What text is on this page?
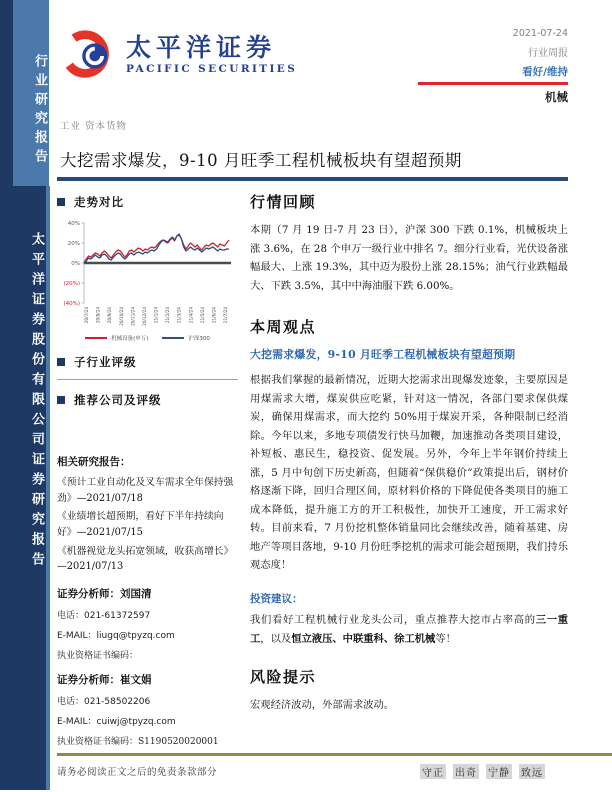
行业研究报告
太平洋证券股份有限公司证券研究报告
太平洋证券
PACIFIC SECURITIES
2021-07-24
行业周报
看好/维持
机械
工业 资本货物
大挖需求爆发，9-10 月旺季工程机械板块有望超预期
走势对比
40%
20%
0%
(20%)
(40%)
20/7/24 20/8/24 20/9/24 20/10/24 20/11/24 20/12/24 21/1/24 21/2/24 21/3/24 21/4/24 21/5/24 21/6/24 21/7/24
机械设备(申万)	沪深300
子行业评级
推荐公司及评级
相关研究报告：
《预计工业自动化及叉车需求全年保持强劲》—2021/07/18
《业绩增长超预期，看好下半年持续向好》—2021/07/15
《机器视觉龙头拓宽领域，收获高增长》—2021/07/13
证券分析师：刘国清
电话：021-61372597
E-MAIL：liugq@tpyzq.com
执业资格证书编码：
证券分析师：崔文娟
电话：021-58502206
E-MAIL：cuiwj@tpyzq.com
执业资格证书编码：S1190520020001
行情回顾
本期（7 月 19 日-7 月 23 日），沪深 300 下跌 0.1%，机械板块上涨 3.6%，在 28 个申万一级行业中排名 7。细分行业看，光伏设备涨幅最大、上涨 19.3%，其中迈为股份上涨 28.15%；油气行业跌幅最大、下跌 3.5%，其中中海油服下跌 6.00%。
本周观点
大挖需求爆发，9-10 月旺季工程机械板块有望超预期
根据我们掌握的最新情况，近期大挖需求出现爆发迹象，主要原因是用煤需求大增，煤炭供应吃紧，针对这一情况，各部门要求保供煤炭，确保用煤需求，而大挖约 50%用于煤炭开采，各种限制已经消除。今年以来，多地专项债发行快马加鞭，加速推动各类项目建设，补短板、惠民生，稳投资、促发展。另外，今年上半年钢价持续上涨，5 月中旬创下历史新高，但随着“保供稳价”政策提出后，钢材价格逐渐下降，回归合理区间，原材料价格的下降促使各类项目的施工成本降低，提升施工方的开工积极性，加快开工速度，开工需求好转。目前来看，7 月份挖机整体销量同比会继续改善，随着基建、房地产等项目落地，9-10 月份旺季挖机的需求可能会超预期，我们持乐观态度！
投资建议：
我们看好工程机械行业龙头公司，重点推荐大挖市占率高的三一重工，以及恒立液压、中联重科、徐工机械等！
风险提示
宏观经济波动，外部需求波动。
请务必阅读正文之后的免责条款部分	守正 出奇 宁静 致远
